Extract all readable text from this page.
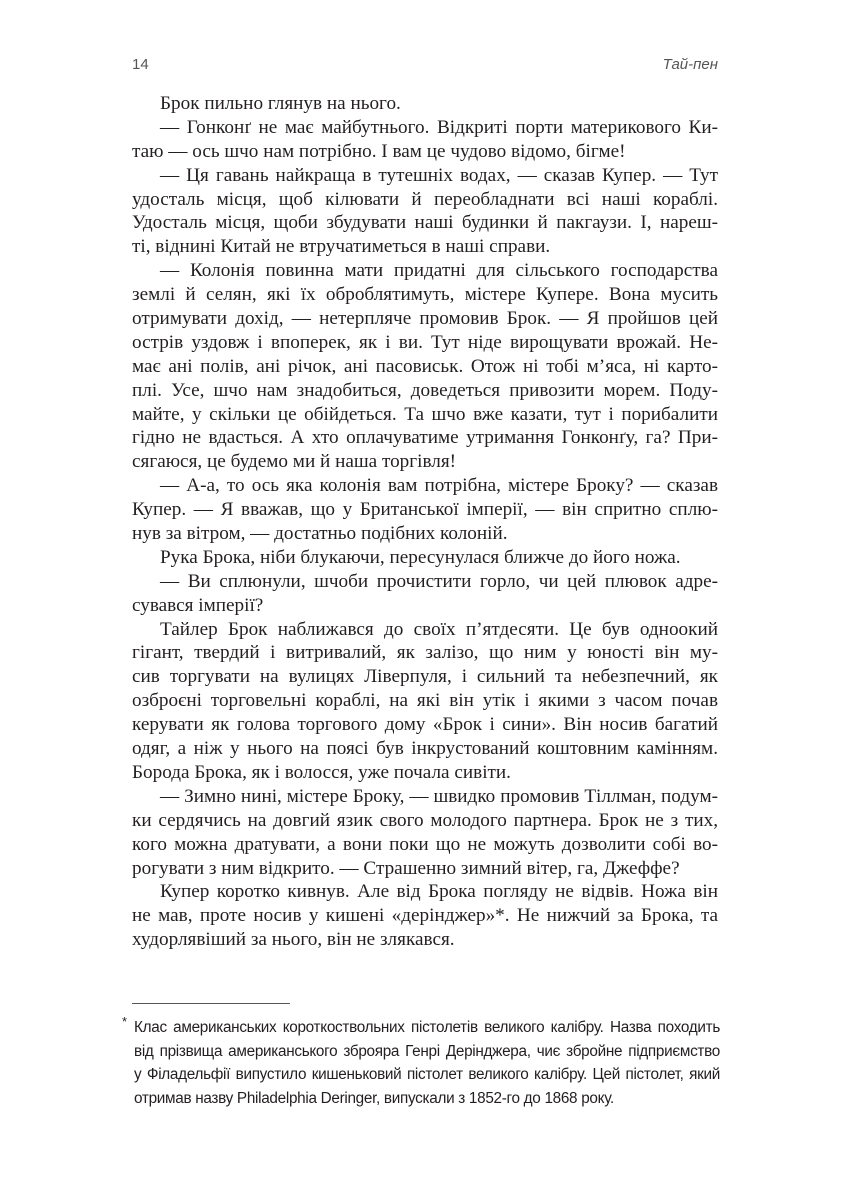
14	Тай-пен
Брок пильно глянув на нього.
— Гонконґ не має майбутнього. Відкриті порти материкового Ки-
таю — ось шчо нам потрібно. І вам це чудово відомо, бігме!
— Ця гавань найкраща в тутешніх водах, — сказав Купер. — Тут
удосталь місця, щоб кілювати й переобладнати всі наші кораблі.
Удосталь місця, щоби збудувати наші будинки й пакгаузи. І, нареш-
ті, віднині Китай не втручатиметься в наші справи.
— Колонія повинна мати придатні для сільського господарства
землі й селян, які їх оброблятимуть, містере Купере. Вона мусить
отримувати дохід, — нетерпляче промовив Брок. — Я пройшов цей
острів уздовж і впоперек, як і ви. Тут ніде вирощувати врожай. Не-
має ані полів, ані річок, ані пасовиськ. Отож ні тобі м’яса, ні карто-
плі. Усе, шчо нам знадобиться, доведеться привозити морем. Поду-
майте, у скільки це обійдеться. Та шчо вже казати, тут і порибалити
гідно не вдасться. А хто оплачуватиме утримання Гонконґу, га? При-
сягаюся, це будемо ми й наша торгівля!
— А-а, то ось яка колонія вам потрібна, містере Броку? — сказав
Купер. — Я вважав, що у Британської імперії, — він спритно сплю-
нув за вітром, — достатньо подібних колоній.
Рука Брока, ніби блукаючи, пересунулася ближче до його ножа.
— Ви сплюнули, шчоби прочистити горло, чи цей плювок адре-
сувався імперії?
Тайлер Брок наближався до своїх п’ятдесяти. Це був одноокий
гігант, твердий і витривалий, як залізо, що ним у юності він му-
сив торгувати на вулицях Ліверпуля, і сильний та небезпечний, як
озброєні торговельні кораблі, на які він утік і якими з часом почав
керувати як голова торгового дому «Брок і сини». Він носив багатий
одяг, а ніж у нього на поясі був інкрустований коштовним камінням.
Борода Брока, як і волосся, уже почала сивіти.
— Зимно нині, містере Броку, — швидко промовив Тіллман, подум-
ки сердячись на довгий язик свого молодого партнера. Брок не з тих,
кого можна дратувати, а вони поки що не можуть дозволити собі во-
рогувати з ним відкрито. — Страшенно зимний вітер, га, Джеффе?
Купер коротко кивнув. Але від Брока погляду не відвів. Ножа він
не мав, проте носив у кишені «дерінджер»*. Не нижчий за Брока, та
худорлявіший за нього, він не злякався.
* Клас американських короткоствольних пістолетів великого калібру. Назва походить
від прізвища американського зброяра Генрі Дерінджера, чиє збройне підприємство
у Філадельфії випустило кишеньковий пістолет великого калібру. Цей пістолет, який
отримав назву Philadelphia Deringer, випускали з 1852-го до 1868 року.
